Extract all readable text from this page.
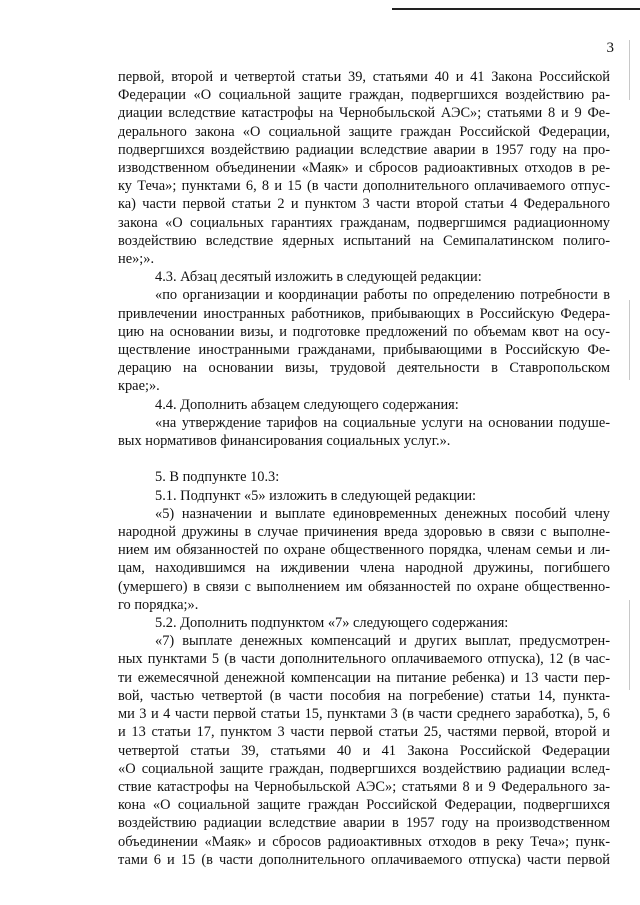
3

первой, второй и четвертой статьи 39, статьями 40 и 41 Закона Российской

Федерации «О социальной защите граждан, подвергшихся воздействию ра-

диации вследствие катастрофы на Чернобыльской АЭС»; статьями 8 и 9 Фе-

дерального закона «О социальной защите граждан Российской Федерации,

подвергшихся воздействию радиации вследствие аварии в 1957 году на про-

изводственном объединении «Маяк» и сбросов радиоактивных отходов в ре-

ку Теча»; пунктами 6, 8 и 15 (в части дополнительного оплачиваемого отпус-

ка) части первой статьи 2 и пунктом 3 части второй статьи 4 Федерального

закона «О социальных гарантиях гражданам, подвергшимся радиационному

воздействию вследствие ядерных испытаний на Семипалатинском полиго-

не»;».

4.3. Абзац десятый изложить в следующей редакции:

«по организации и координации работы по определению потребности в

привлечении иностранных работников, прибывающих в Российскую Федера-

цию на основании визы, и подготовке предложений по объемам квот на осу-

ществление иностранными гражданами, прибывающими в Российскую Фе-

дерацию на основании визы, трудовой деятельности в Ставропольском

крае;».

4.4. Дополнить абзацем следующего содержания:

«на утверждение тарифов на социальные услуги на основании подуше-

вых нормативов финансирования социальных услуг.».

5. В подпункте 10.3:

5.1. Подпункт «5» изложить в следующей редакции:

«5) назначении и выплате единовременных денежных пособий члену

народной дружины в случае причинения вреда здоровью в связи с выполне-

нием им обязанностей по охране общественного порядка, членам семьи и ли-

цам, находившимся на иждивении члена народной дружины, погибшего

(умершего) в связи с выполнением им обязанностей по охране общественно-

го порядка;».

5.2. Дополнить подпунктом «7» следующего содержания:

«7) выплате денежных компенсаций и других выплат, предусмотрен-

ных пунктами 5 (в части дополнительного оплачиваемого отпуска), 12 (в час-

ти ежемесячной денежной компенсации на питание ребенка) и 13 части пер-

вой, частью четвертой (в части пособия на погребение) статьи 14, пункта-

ми 3 и 4 части первой статьи 15, пунктами 3 (в части среднего заработка), 5, 6

и 13 статьи 17, пунктом 3 части первой статьи 25, частями первой, второй и

четвертой статьи 39, статьями 40 и 41 Закона Российской Федерации

«О социальной защите граждан, подвергшихся воздействию радиации вслед-

ствие катастрофы на Чернобыльской АЭС»; статьями 8 и 9 Федерального за-

кона «О социальной защите граждан Российской Федерации, подвергшихся

воздействию радиации вследствие аварии в 1957 году на производственном

объединении «Маяк» и сбросов радиоактивных отходов в реку Теча»; пунк-

тами 6 и 15 (в части дополнительного оплачиваемого отпуска) части первой
